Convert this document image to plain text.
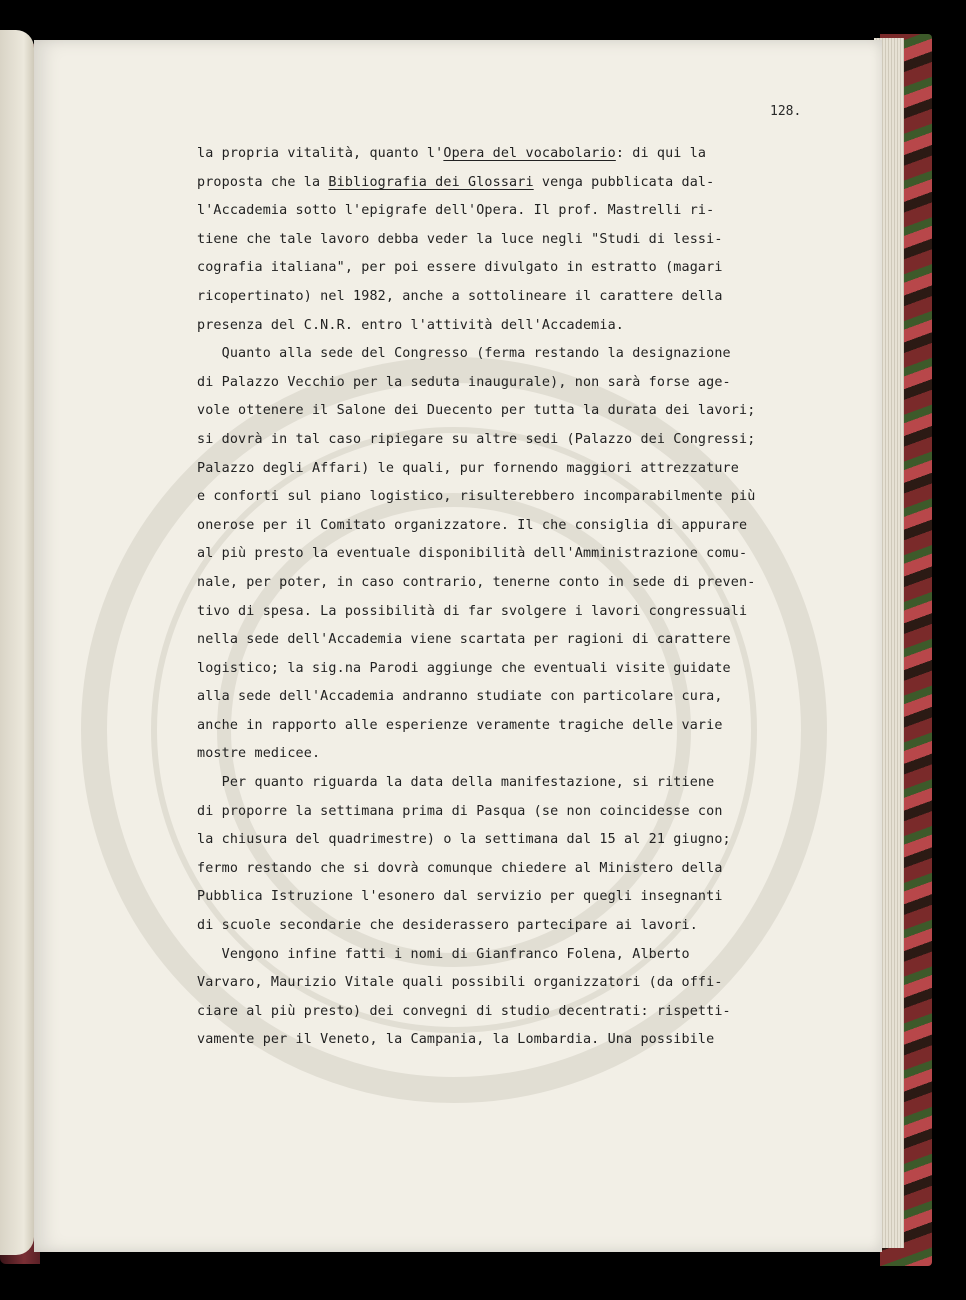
128.
la propria vitalità, quanto l'Opera del vocabolario: di qui la
proposta che la Bibliografia dei Glossari venga pubblicata dal-
l'Accademia sotto l'epigrafe dell'Opera. Il prof. Mastrelli ri-
tiene che tale lavoro debba veder la luce negli "Studi di lessi-
cografia italiana", per poi essere divulgato in estratto (magari
ricopertinato) nel 1982, anche a sottolineare il carattere della
presenza del C.N.R. entro l'attività dell'Accademia.
Quanto alla sede del Congresso (ferma restando la designazione
di Palazzo Vecchio per la seduta inaugurale), non sarà forse age-
vole ottenere il Salone dei Duecento per tutta la durata dei lavori;
si dovrà in tal caso ripiegare su altre sedi (Palazzo dei Congressi;
Palazzo degli Affari) le quali, pur fornendo maggiori attrezzature
e conforti sul piano logistico, risulterebbero incomparabilmente più
onerose per il Comitato organizzatore. Il che consiglia di appurare
al più presto la eventuale disponibilità dell'Amministrazione comu-
nale, per poter, in caso contrario, tenerne conto in sede di preven-
tivo di spesa. La possibilità di far svolgere i lavori congressuali
nella sede dell'Accademia viene scartata per ragioni di carattere
logistico; la sig.na Parodi aggiunge che eventuali visite guidate
alla sede dell'Accademia andranno studiate con particolare cura,
anche in rapporto alle esperienze veramente tragiche delle varie
mostre medicee.
Per quanto riguarda la data della manifestazione, si ritiene
di proporre la settimana prima di Pasqua (se non coincidesse con
la chiusura del quadrimestre) o la settimana dal 15 al 21 giugno;
fermo restando che si dovrà comunque chiedere al Ministero della
Pubblica Istruzione l'esonero dal servizio per quegli insegnanti
di scuole secondarie che desiderassero partecipare ai lavori.
Vengono infine fatti i nomi di Gianfranco Folena, Alberto
Varvaro, Maurizio Vitale quali possibili organizzatori (da offi-
ciare al più presto) dei convegni di studio decentrati: rispetti-
vamente per il Veneto, la Campania, la Lombardia. Una possibile
